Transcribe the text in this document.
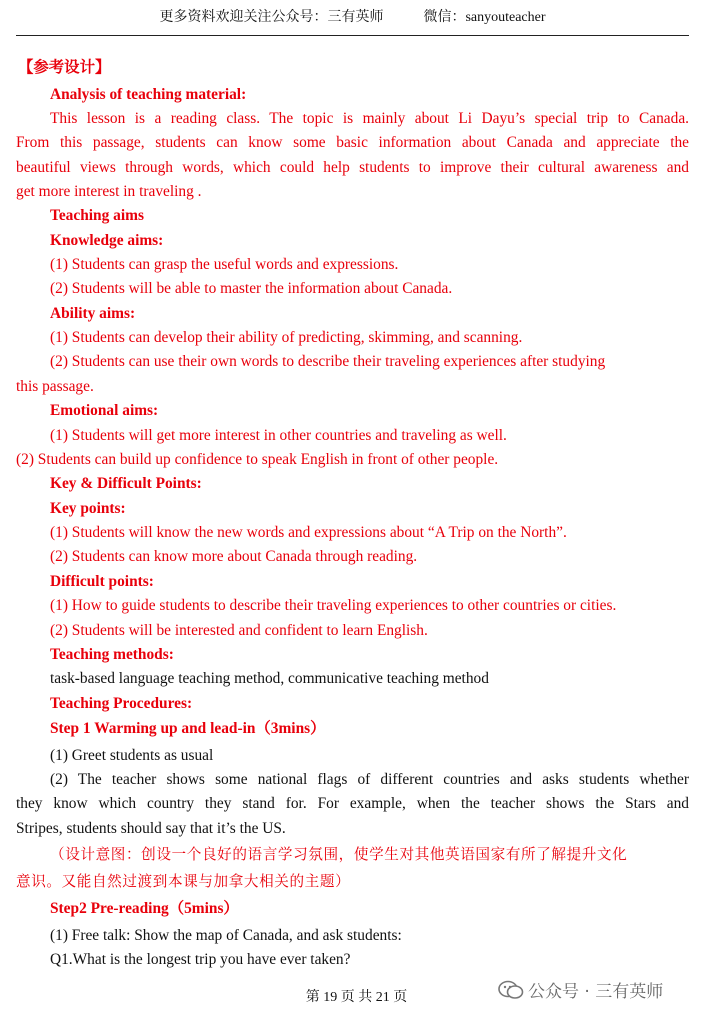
更多资料欢迎关注公众号：三有英师	微信：sanyouteacher
【参考设计】
Analysis of teaching material:
This lesson is a reading class. The topic is mainly about Li Dayu’s special trip to Canada.
From this passage, students can know some basic information about Canada and appreciate the
beautiful views through words, which could help students to improve their cultural awareness and
get more interest in traveling .
Teaching aims
Knowledge aims:
(1) Students can grasp the useful words and expressions.
(2) Students will be able to master the information about Canada.
Ability aims:
(1) Students can develop their ability of predicting, skimming, and scanning.
(2) Students can use their own words to describe their traveling experiences after studying
this passage.
Emotional aims:
(1) Students will get more interest in other countries and traveling as well.
(2) Students can build up confidence to speak English in front of other people.
Key & Difficult Points:
Key points:
(1) Students will know the new words and expressions about “A Trip on the North”.
(2) Students can know more about Canada through reading.
Difficult points:
(1) How to guide students to describe their traveling experiences to other countries or cities.
(2) Students will be interested and confident to learn English.
Teaching methods:
task-based language teaching method, communicative teaching method
Teaching Procedures:
Step 1 Warming up and lead-in（3mins）
(1) Greet students as usual
(2) The teacher shows some national flags of different countries and asks students whether
they know which country they stand for. For example, when the teacher shows the Stars and
Stripes, students should say that it’s the US.
（设计意图：创设一个良好的语言学习氛围，使学生对其他英语国家有所了解提升文化
意识。又能自然过渡到本课与加拿大相关的主题）
Step2 Pre-reading（5mins）
(1) Free talk: Show the map of Canada, and ask students:
Q1.What is the longest trip you have ever taken?
第 19 页 共 21 页	公众号 · 三有英师
